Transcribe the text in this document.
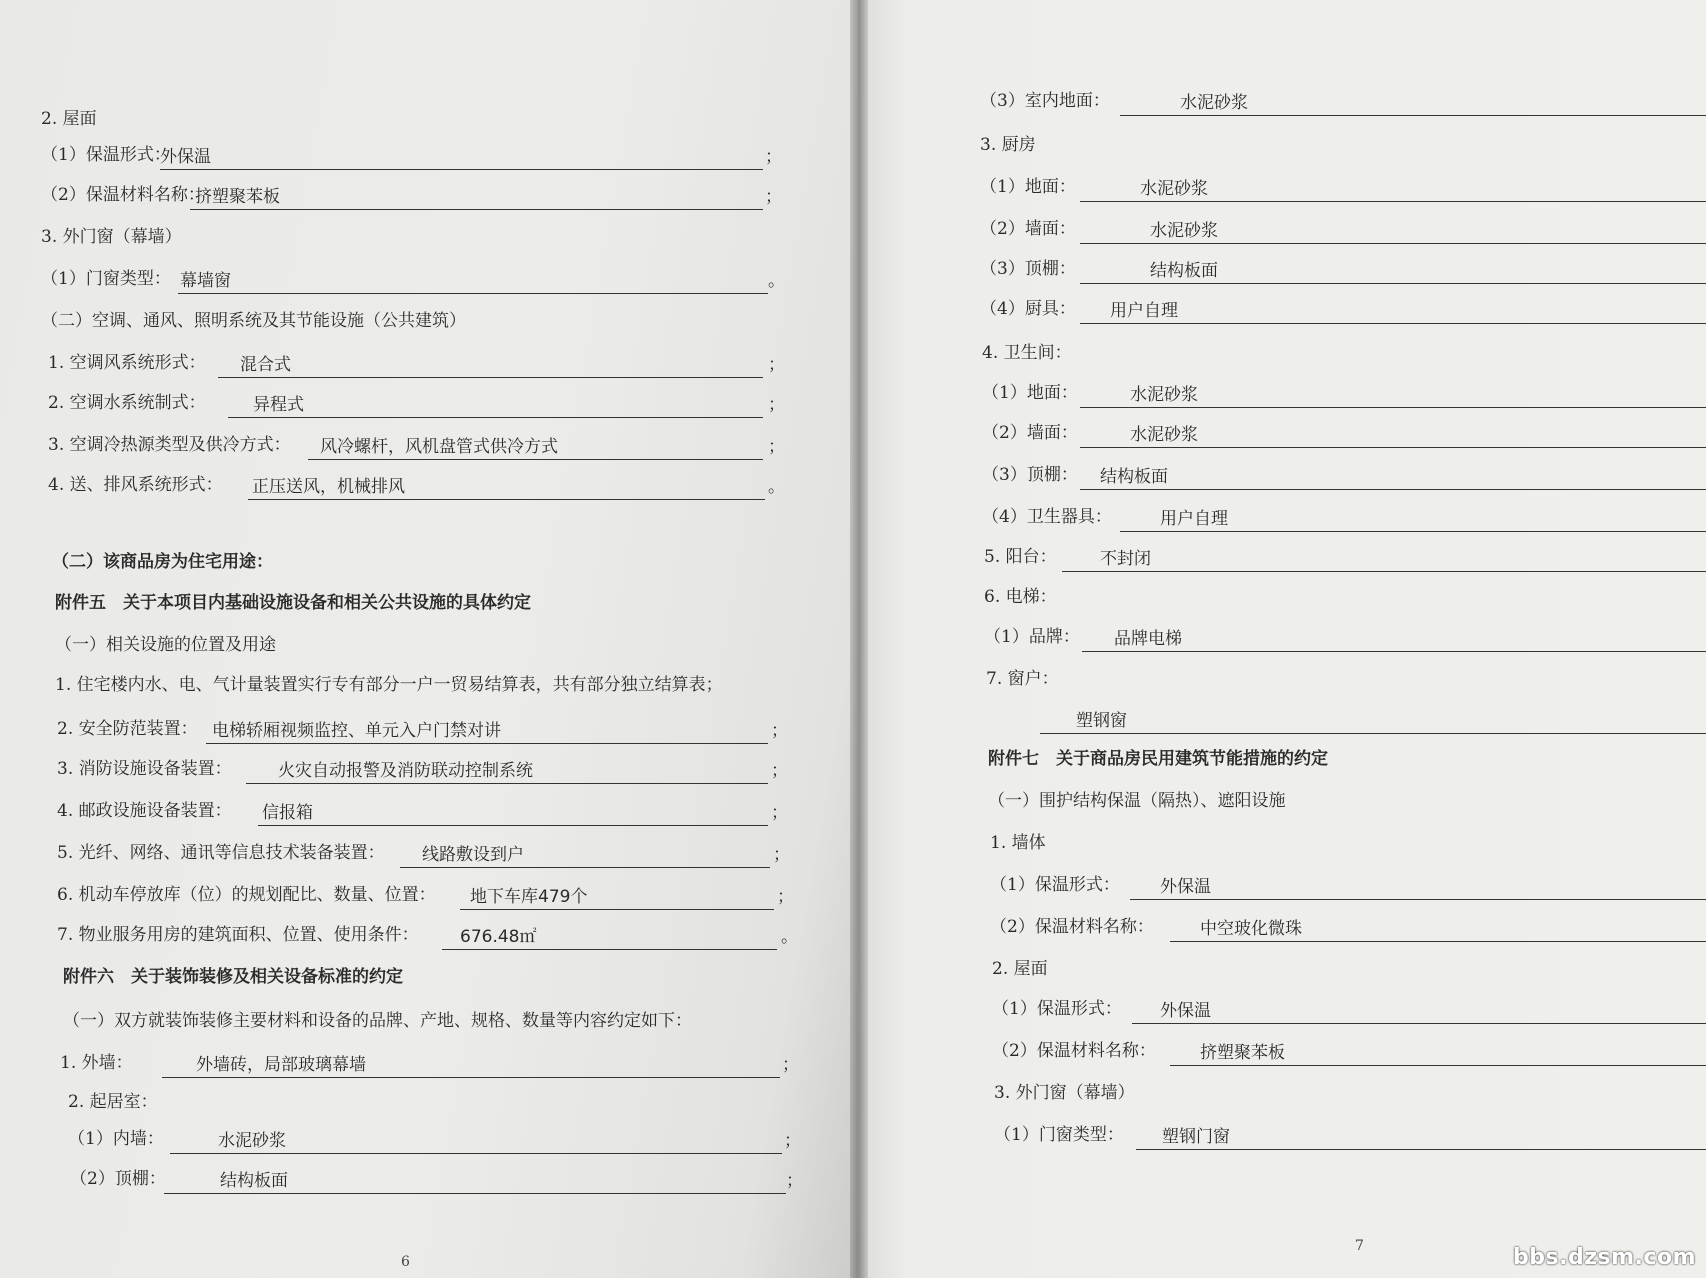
2. 屋面
（1）保温形式：
外保温	；
（2）保温材料名称：
挤塑聚苯板	；
3. 外门窗（幕墙）
（1）门窗类型： 幕墙窗	。
（二）空调、通风、照明系统及其节能设施（公共建筑）
1. 空调风系统形式： 混合式	；
2. 空调水系统制式：	异程式	；
3. 空调冷热源类型及供冷方式： 风冷螺杆，风机盘管式供冷方式	；
4. 送、排风系统形式： 正压送风，机械排风	。
（二）该商品房为住宅用途：
附件五　关于本项目内基础设施设备和相关公共设施的具体约定
（一）相关设施的位置及用途
1. 住宅楼内水、电、气计量装置实行专有部分一户一贸易结算表，共有部分独立结算表；
2. 安全防范装置： 电梯轿厢视频监控、单元入户门禁对讲	；
3. 消防设施设备装置：	火灾自动报警及消防联动控制系统	；
4. 邮政设施设备装置： 信报箱	；
5. 光纤、网络、通讯等信息技术装备装置： 线路敷设到户	；
6. 机动车停放库（位）的规划配比、数量、位置： 地下车库479个	；
7. 物业服务用房的建筑面积、位置、使用条件： 676.48㎡	。
附件六　关于装饰装修及相关设备标准的约定
（一）双方就装饰装修主要材料和设备的品牌、产地、规格、数量等内容约定如下：
1. 外墙：	外墙砖，局部玻璃幕墙	；
2. 起居室：
（1）内墙：	水泥砂浆	；
（2）顶棚：	结构板面	；
（3）室内地面：	水泥砂浆
3. 厨房
（1）地面：	水泥砂浆
（2）墙面：	水泥砂浆
（3）顶棚：	结构板面
（4）厨具： 用户自理
4. 卫生间：
（1）地面：	水泥砂浆
（2）墙面：	水泥砂浆
（3）顶棚： 结构板面
（4）卫生器具：	用户自理
5. 阳台：	不封闭
6. 电梯：
（1）品牌： 品牌电梯
7. 窗户：
塑钢窗
附件七　关于商品房民用建筑节能措施的约定
（一）围护结构保温（隔热）、遮阳设施
1. 墙体
（1）保温形式： 外保温
（2）保温材料名称：	中空玻化微珠
2. 屋面
（1）保温形式： 外保温
（2）保温材料名称：	挤塑聚苯板
3. 外门窗（幕墙）
（1）门窗类型： 塑钢门窗
6
7	bbs.dzsm.com
